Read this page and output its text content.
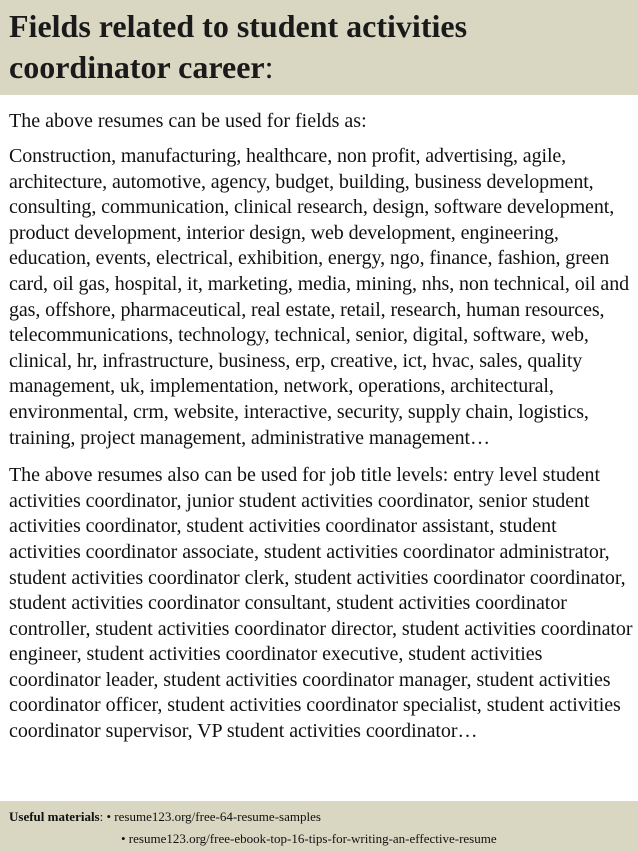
Fields related to student activities
coordinator career:

The above resumes can be used for fields as:

Construction, manufacturing, healthcare, non profit, advertising, agile, architecture, automotive, agency, budget, building, business development, consulting, communication, clinical research, design, software development, product development, interior design, web development, engineering, education, events, electrical, exhibition, energy, ngo, finance, fashion, green card, oil gas, hospital, it, marketing, media, mining, nhs, non technical, oil and gas, offshore, pharmaceutical, real estate, retail, research, human resources, telecommunications, technology, technical, senior, digital, software, web, clinical, hr, infrastructure, business, erp, creative, ict, hvac, sales, quality management, uk, implementation, network, operations, architectural, environmental, crm, website, interactive, security, supply chain, logistics, training, project management, administrative management…

The above resumes also can be used for job title levels: entry level student activities coordinator, junior student activities coordinator, senior student activities coordinator, student activities coordinator assistant, student activities coordinator associate, student activities coordinator administrator, student activities coordinator clerk, student activities coordinator coordinator, student activities coordinator consultant, student activities coordinator controller, student activities coordinator director, student activities coordinator engineer, student activities coordinator executive, student activities coordinator leader, student activities coordinator manager, student activities coordinator officer, student activities coordinator specialist, student activities coordinator supervisor, VP student activities coordinator…

Useful materials: • resume123.org/free-64-resume-samples
• resume123.org/free-ebook-top-16-tips-for-writing-an-effective-resume
